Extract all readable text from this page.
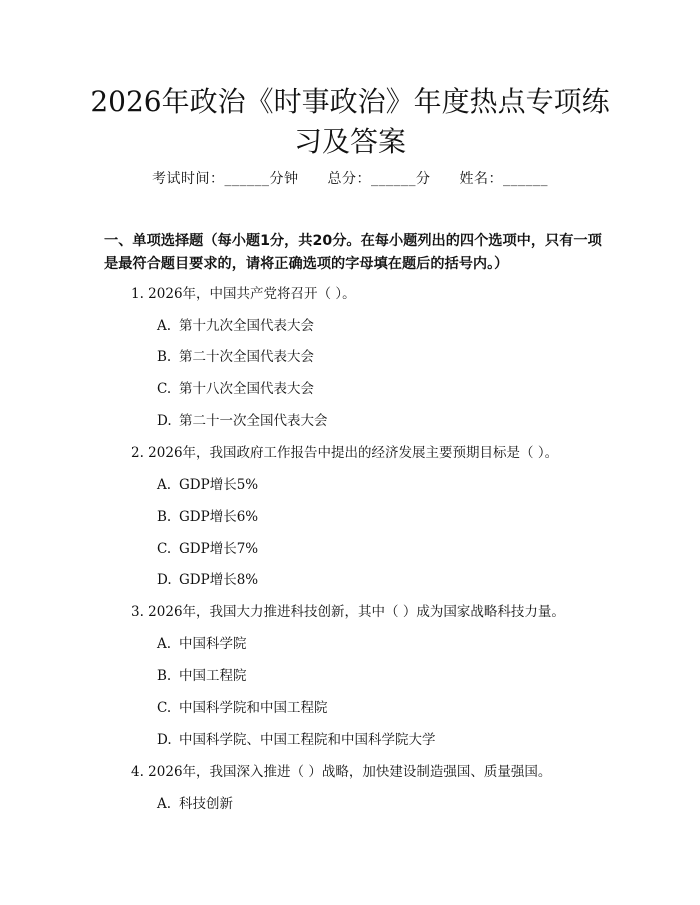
2026年政治《时事政治》年度热点专项练习及答案
考试时间：______分钟 总分：______分 姓名：______
一、单项选择题（每小题1分，共20分。在每小题列出的四个选项中，只有一项是最符合题目要求的，请将正确选项的字母填在题后的括号内。）
1. 2026年，中国共产党将召开（ ）。
A. 第十九次全国代表大会
B. 第二十次全国代表大会
C. 第十八次全国代表大会
D. 第二十一次全国代表大会
2. 2026年，我国政府工作报告中提出的经济发展主要预期目标是（ ）。
A. GDP增长5%
B. GDP增长6%
C. GDP增长7%
D. GDP增长8%
3. 2026年，我国大力推进科技创新，其中（ ）成为国家战略科技力量。
A. 中国科学院
B. 中国工程院
C. 中国科学院和中国工程院
D. 中国科学院、中国工程院和中国科学院大学
4. 2026年，我国深入推进（ ）战略，加快建设制造强国、质量强国。
A. 科技创新
